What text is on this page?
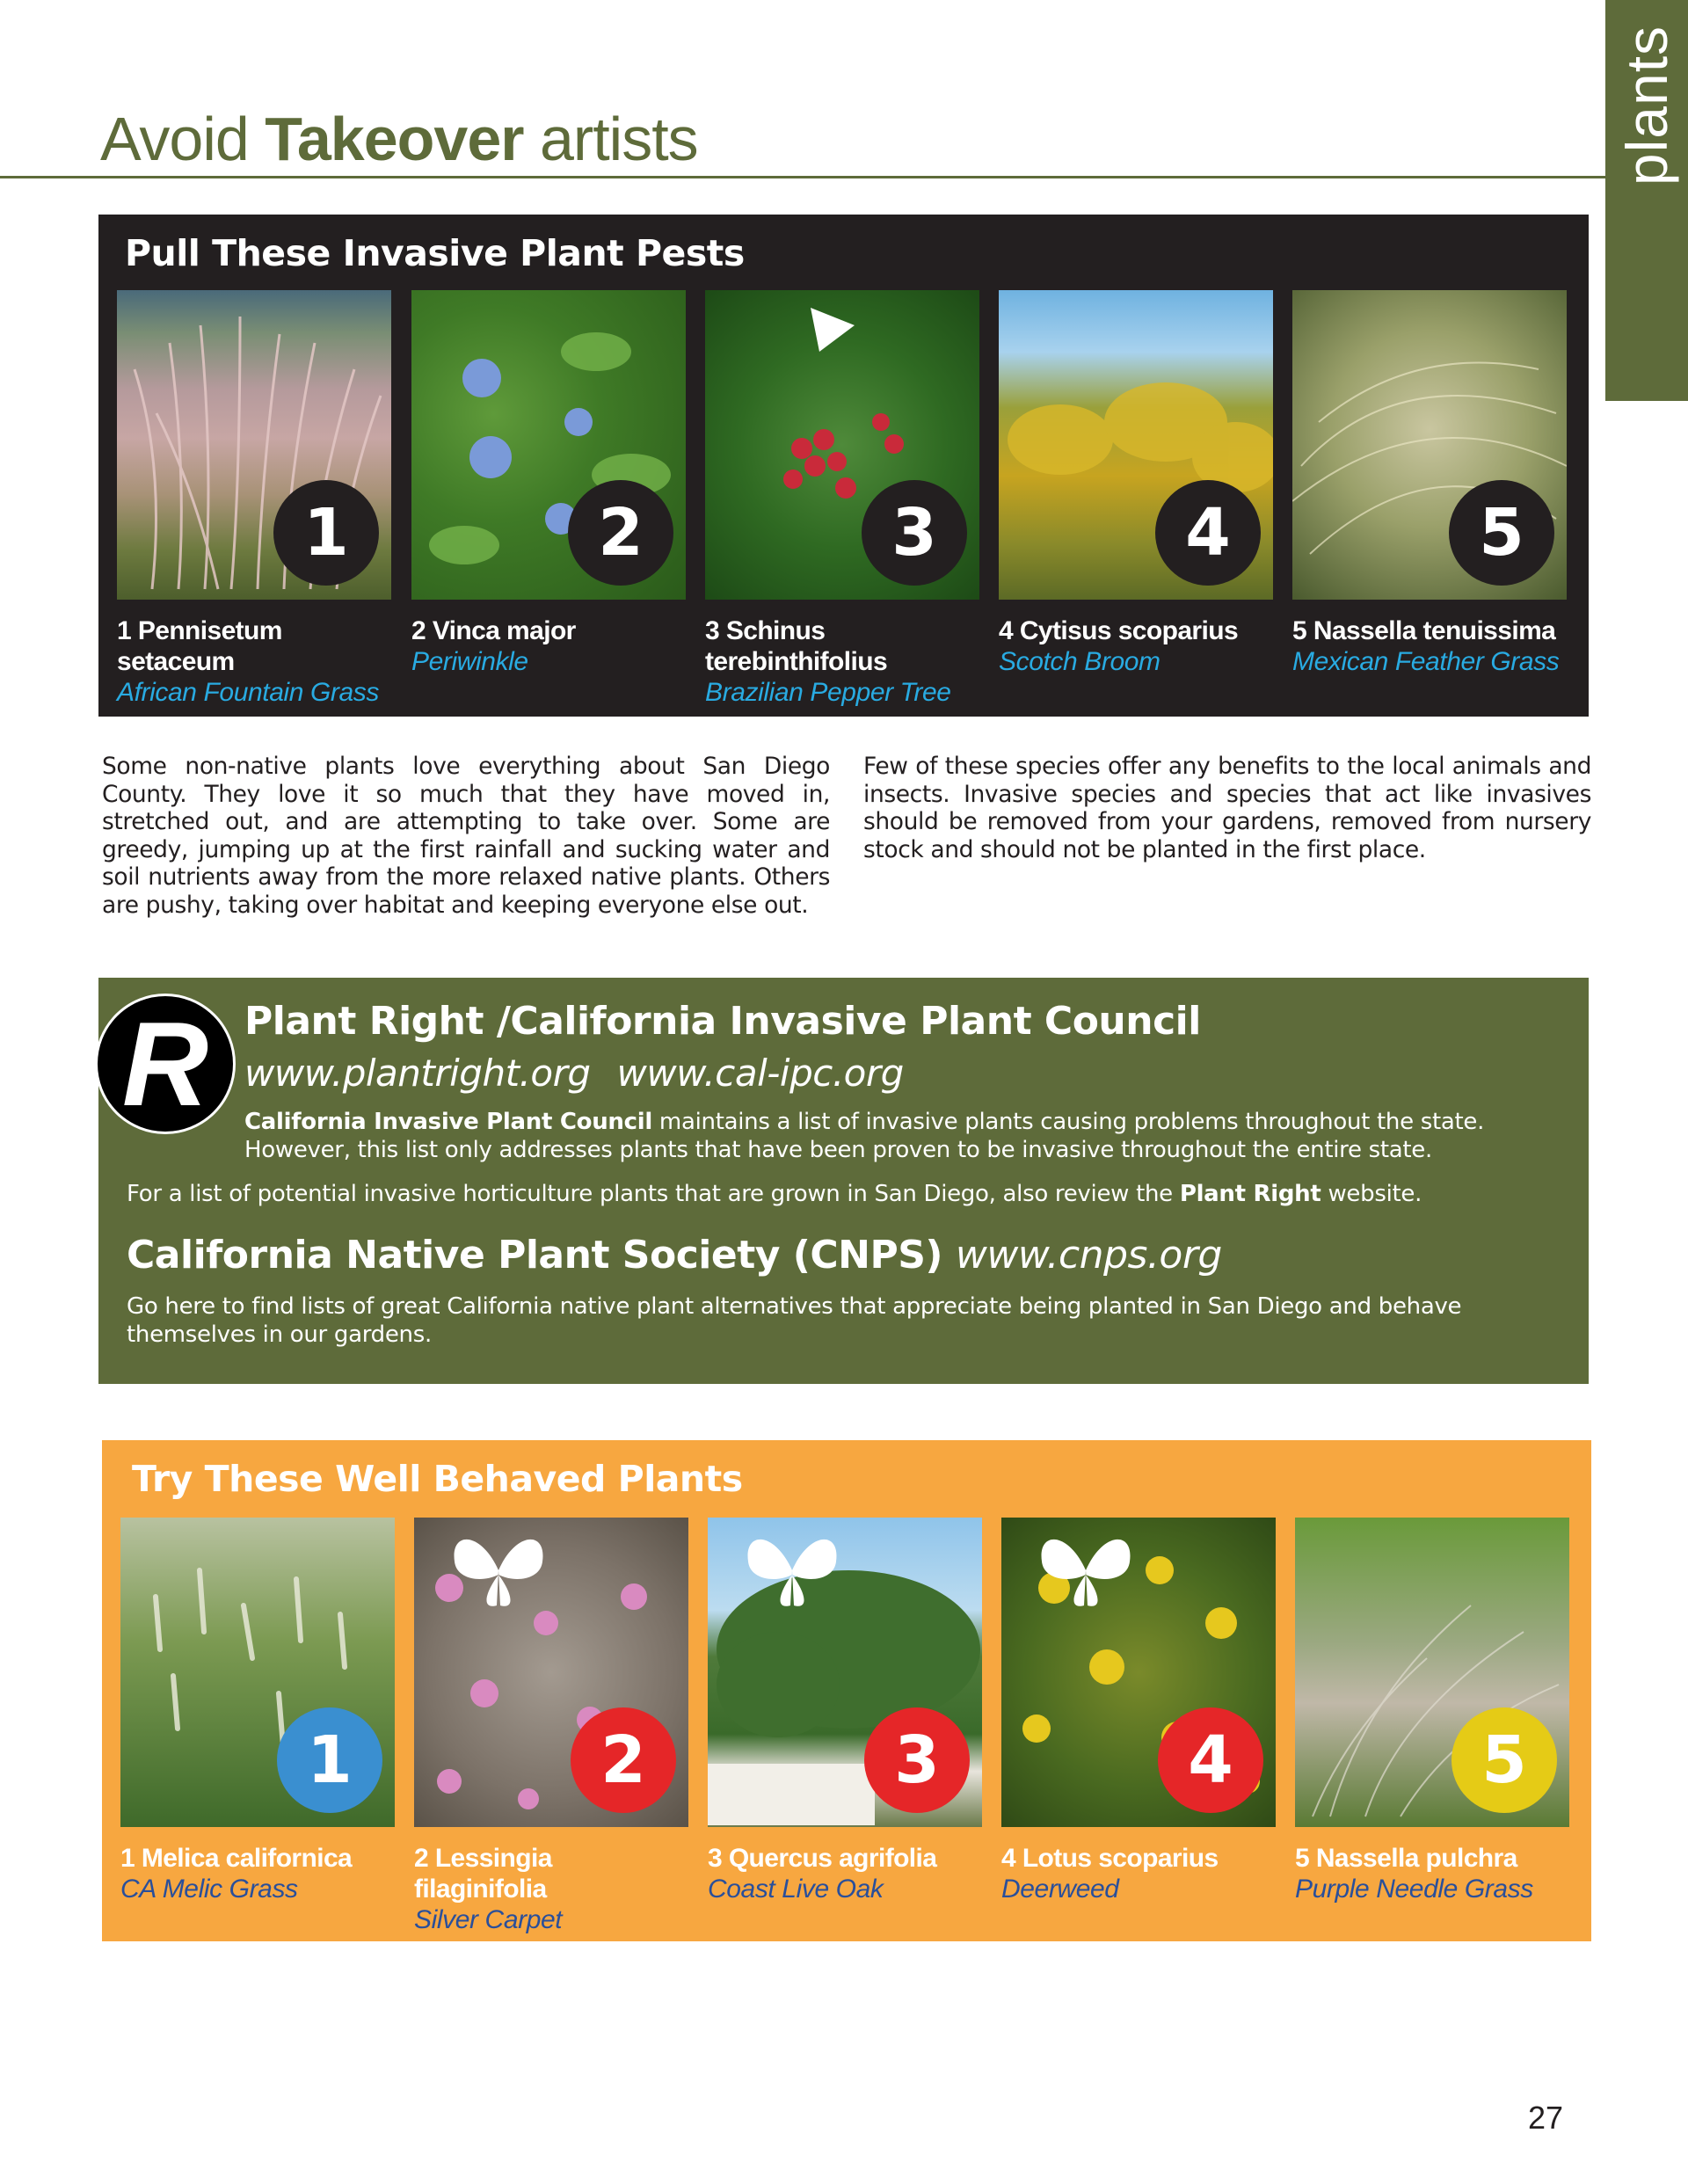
plants
Avoid Takeover artists
Pull These Invasive Plant Pests
1
1 Pennisetum setaceum
African Fountain Grass
2
2 Vinca major
Periwinkle
3
3 Schinus terebinthifolius
Brazilian Pepper Tree
4
4 Cytisus scoparius
Scotch Broom
5
5 Nassella tenuissima
Mexican Feather Grass

Some non-native plants love everything about San Diego County. They love it so much that they have moved in, stretched out, and are attempting to take over. Some are greedy, jumping up at the first rainfall and sucking water and soil nutrients away from the more relaxed native plants. Others are pushy, taking over habitat and keeping everyone else out.

Few of these species offer any benefits to the local animals and insects. Invasive species and species that act like invasives should be removed from your gardens, removed from nursery stock and should not be planted in the first place.

R Plant Right /California Invasive Plant Council
www.plantright.org www.cal-ipc.org

California Invasive Plant Council maintains a list of invasive plants causing problems throughout the state. However, this list only addresses plants that have been proven to be invasive throughout the entire state.

For a list of potential invasive horticulture plants that are grown in San Diego, also review the Plant Right website.

California Native Plant Society (CNPS) www.cnps.org

Go here to find lists of great California native plant alternatives that appreciate being planted in San Diego and behave themselves in our gardens.

Try These Well Behaved Plants
1
1 Melica californica
CA Melic Grass
2
2 Lessingia filaginifolia
Silver Carpet
3
3 Quercus agrifolia
Coast Live Oak
4
4 Lotus scoparius
Deerweed
5
5 Nassella pulchra
Purple Needle Grass
27
